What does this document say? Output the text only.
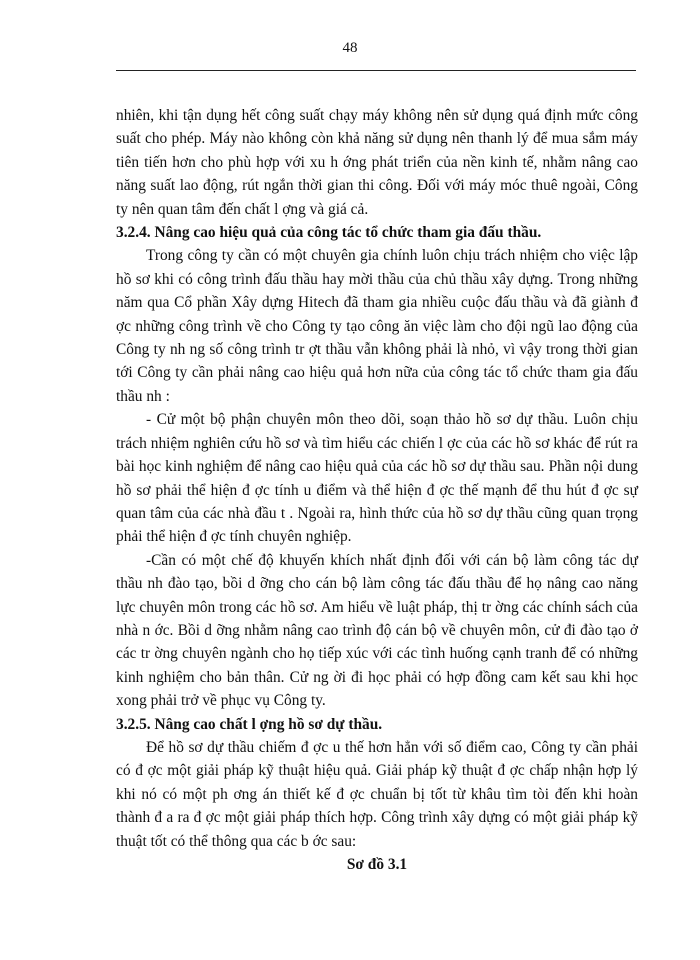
48

nhiên, khi tận dụng hết công suất chạy máy không nên sử dụng quá định mức công suất cho phép. Máy nào không còn khả năng sử dụng nên thanh lý để mua sắm máy tiên tiến hơn cho phù hợp với xu h ớng phát triển của nền kinh tế, nhằm nâng cao năng suất lao động, rút ngắn thời gian thi công. Đối với máy móc thuê ngoài, Công ty nên quan tâm đến chất l ợng và giá cả.

3.2.4. Nâng cao hiệu quả của công tác tổ chức tham gia đấu thầu.

Trong công ty cần có một chuyên gia chính luôn chịu trách nhiệm cho việc lập hồ sơ khi có công trình đấu thầu hay mời thầu của chủ thầu xây dựng. Trong những năm qua Cổ phần Xây dựng Hitech đã tham gia nhiều cuộc đấu thầu và đã giành đ ợc những công trình về cho Công ty tạo công ăn việc làm cho đội ngũ lao động của Công ty nh ng số công trình tr ợt thầu vẫn không phải là nhỏ, vì vậy trong thời gian tới Công ty cần phải nâng cao hiệu quả hơn nữa của công tác tổ chức tham gia đấu thầu nh :

- Cử một bộ phận chuyên môn theo dõi, soạn thảo hồ sơ dự thầu. Luôn chịu trách nhiệm nghiên cứu hồ sơ và tìm hiểu các chiến l ợc của các hồ sơ khác để rút ra bài học kinh nghiệm để nâng cao hiệu quả của các hồ sơ dự thầu sau. Phần nội dung hồ sơ phải thể hiện đ ợc tính u điểm và thể hiện đ ợc thế mạnh để thu hút đ ợc sự quan tâm của các nhà đầu t . Ngoài ra, hình thức của hồ sơ dự thầu cũng quan trọng phải thể hiện đ ợc tính chuyên nghiệp.

-Cần có một chế độ khuyến khích nhất định đối với cán bộ làm công tác dự thầu nh đào tạo, bồi d ỡng cho cán bộ làm công tác đấu thầu để họ nâng cao năng lực chuyên môn trong các hồ sơ. Am hiểu về luật pháp, thị tr ờng các chính sách của nhà n ớc. Bồi d ỡng nhằm nâng cao trình độ cán bộ về chuyên môn, cử đi đào tạo ở các tr ờng chuyên ngành cho họ tiếp xúc với các tình huống cạnh tranh để có những kinh nghiệm cho bản thân. Cử ng ời đi học phải có hợp đồng cam kết sau khi học xong phải trở về phục vụ Công ty.

3.2.5. Nâng cao chất l ợng hồ sơ dự thầu.

Để hồ sơ dự thầu chiếm đ ợc u thế hơn hẳn với số điểm cao, Công ty cần phải có đ ợc một giải pháp kỹ thuật hiệu quả. Giải pháp kỹ thuật đ ợc chấp nhận hợp lý khi nó có một ph ơng án thiết kế đ ợc chuẩn bị tốt từ khâu tìm tòi đến khi hoàn thành đ a ra đ ợc một giải pháp thích hợp. Công trình xây dựng có một giải pháp kỹ thuật tốt có thể thông qua các b ớc sau:

Sơ đồ 3.1
